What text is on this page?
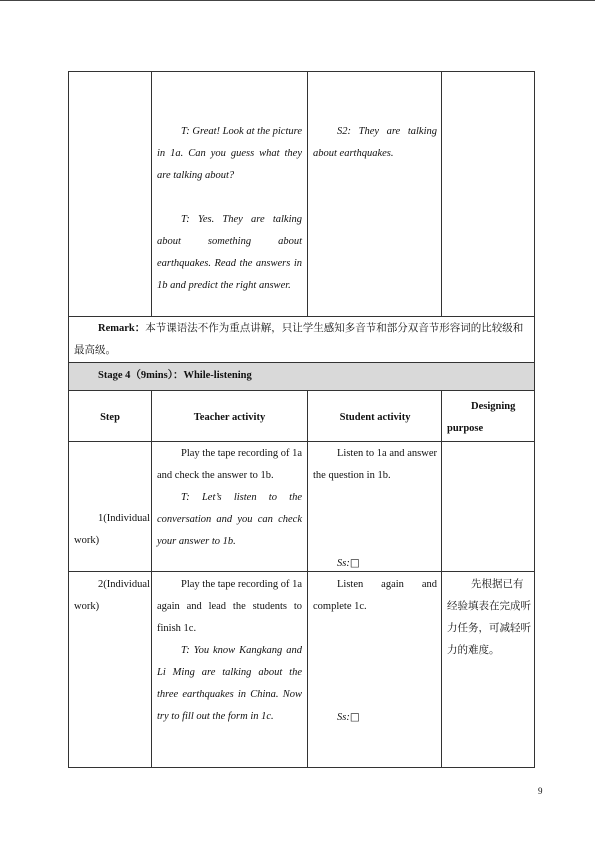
T: Great! Look at the picture in 1a. Can you guess what they are talking about?

T: Yes. They are talking about something about earthquakes. Read the answers in 1b and predict the right answer.

S2: They are talking about earthquakes.

Remark：本节课语法不作为重点讲解，只让学生感知多音节和部分双音节形容词的比较级和最高级。

Stage 4（9mins）：While-listening

Step	Teacher activity	Student activity
Designing purpose

1(Individual work)

Play the tape recording of 1a and check the answer to 1b.

T: Let’s listen to the conversation and you can check your answer to 1b.

Listen to 1a and answer the question in 1b.

Ss:□

2(Individual work)

Play the tape recording of 1a again and lead the students to finish 1c.

T: You know Kangkang and Li Ming are talking about the three earthquakes in China. Now try to fill out the form in 1c.

Listen again and complete 1c.

Ss:□

先根据已有经验填表在完成听力任务，可减轻听力的难度。

9
